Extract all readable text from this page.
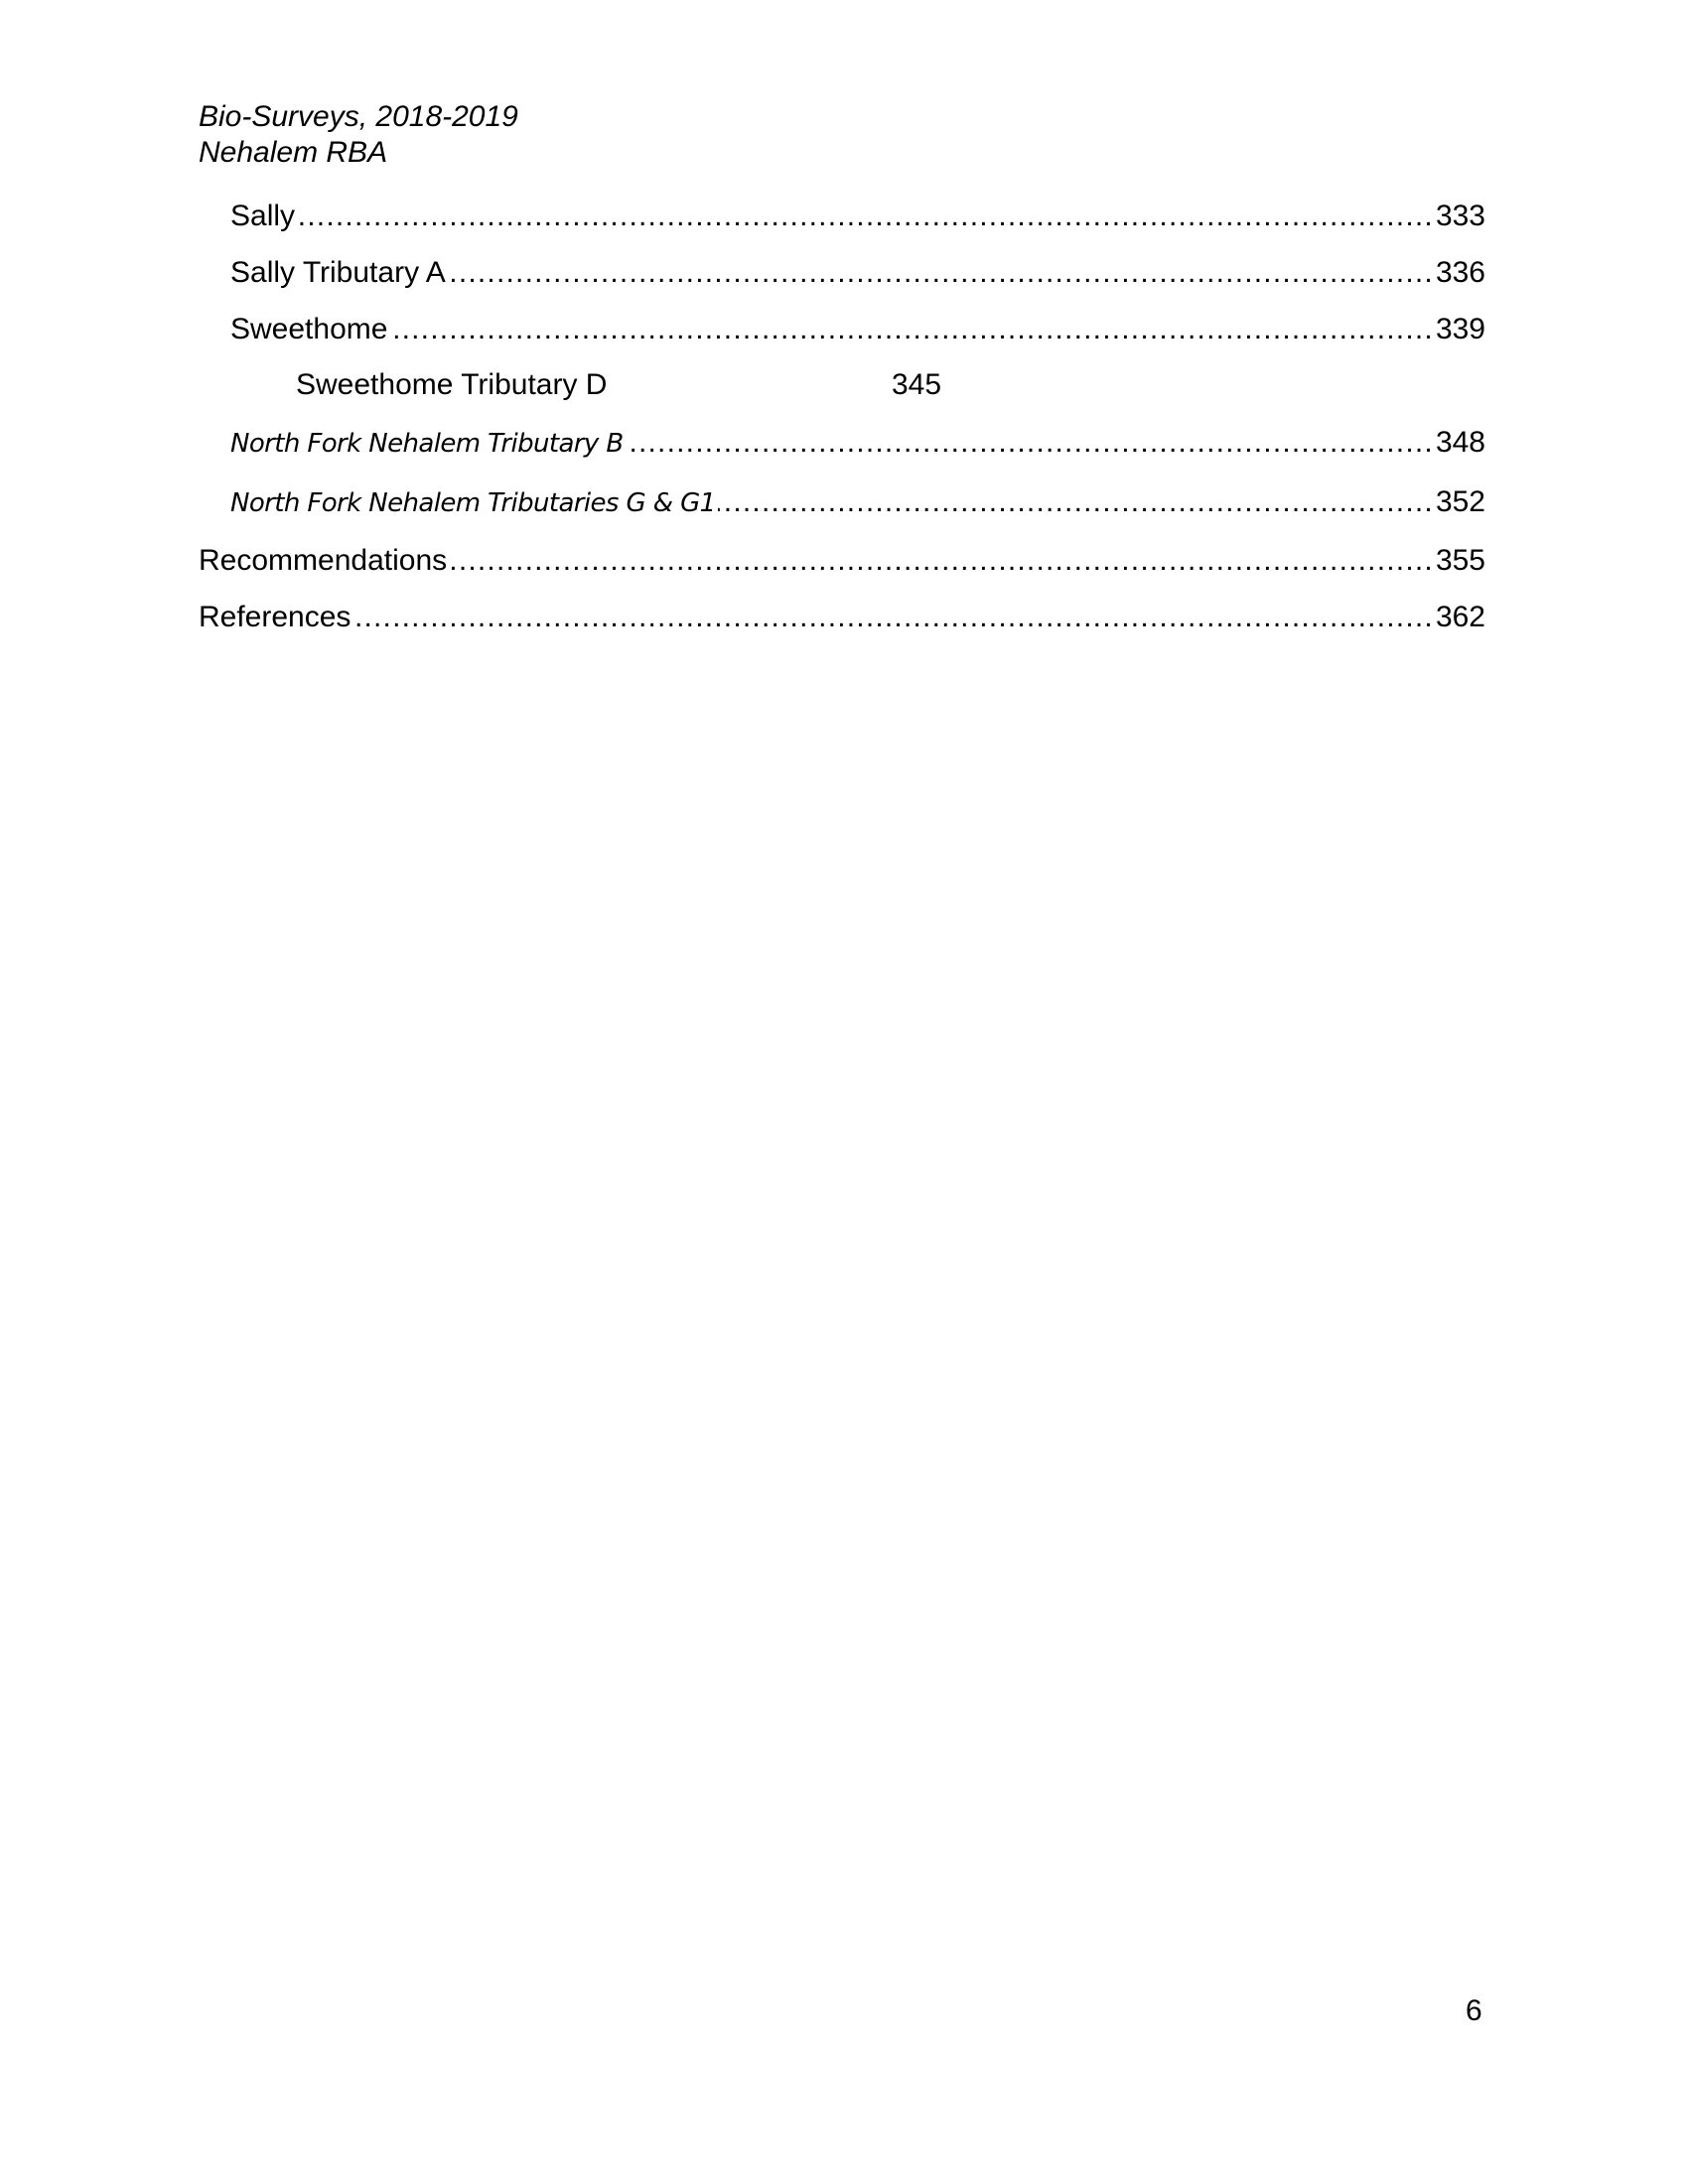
Bio-Surveys, 2018-2019
Nehalem RBA
Sally .....	333
Sally Tributary A .....	336
Sweethome .....	339
Sweethome Tributary D	345
North Fork Nehalem Tributary B .....	348
North Fork Nehalem Tributaries G & G1 .....	352
Recommendations .....	355
References .....	362
6
